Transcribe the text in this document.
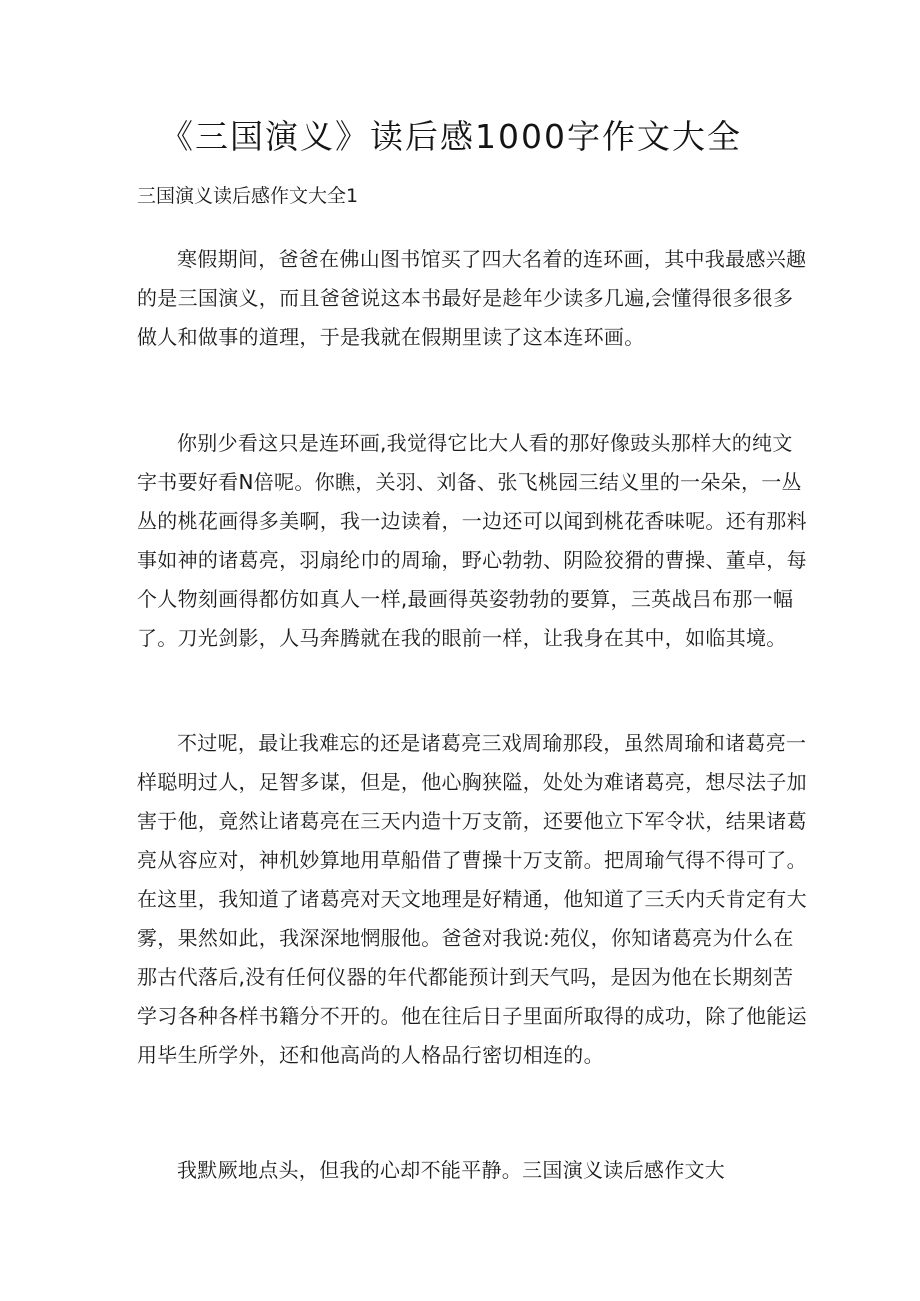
《三国演义》读后感1000字作文大全
三国演义读后感作文大全1
寒假期间，爸爸在佛山图书馆买了四大名着的连环画，其中我最感兴趣
的是三国演义，而且爸爸说这本书最好是趁年少读多几遍,会懂得很多很多
做人和做事的道理，于是我就在假期里读了这本连环画。
你别少看这只是连环画,我觉得它比大人看的那好像豉头那样大的纯文
字书要好看N倍呢。你瞧，关羽、刘备、张飞桃园三结义里的一朵朵，一丛
丛的桃花画得多美啊，我一边读着，一边还可以闻到桃花香味呢。还有那料
事如神的诸葛亮，羽扇纶巾的周瑜，野心勃勃、阴险狡猾的曹操、董卓，每
个人物刻画得都仿如真人一样,最画得英姿勃勃的要算，三英战吕布那一幅
了。刀光剑影，人马奔腾就在我的眼前一样，让我身在其中，如临其境。
不过呢，最让我难忘的还是诸葛亮三戏周瑜那段，虽然周瑜和诸葛亮一
样聪明过人，足智多谋，但是，他心胸狭隘，处处为难诸葛亮，想尽法子加
害于他，竟然让诸葛亮在三天内造十万支箭，还要他立下军令状，结果诸葛
亮从容应对，神机妙算地用草船借了曹操十万支箭。把周瑜气得不得可了。
在这里，我知道了诸葛亮对天文地理是好精通，他知道了三夭内夭肯定有大
雾，果然如此，我深深地惘服他。爸爸对我说:苑仪，你知诸葛亮为什么在
那古代落后,没有任何仪器的年代都能预计到天气吗，是因为他在长期刻苦
学习各种各样书籍分不开的。他在往后日子里面所取得的成功，除了他能运
用毕生所学外，还和他高尚的人格品行密切相连的。
我默厥地点头，但我的心却不能平静。三国演义读后感作文大
